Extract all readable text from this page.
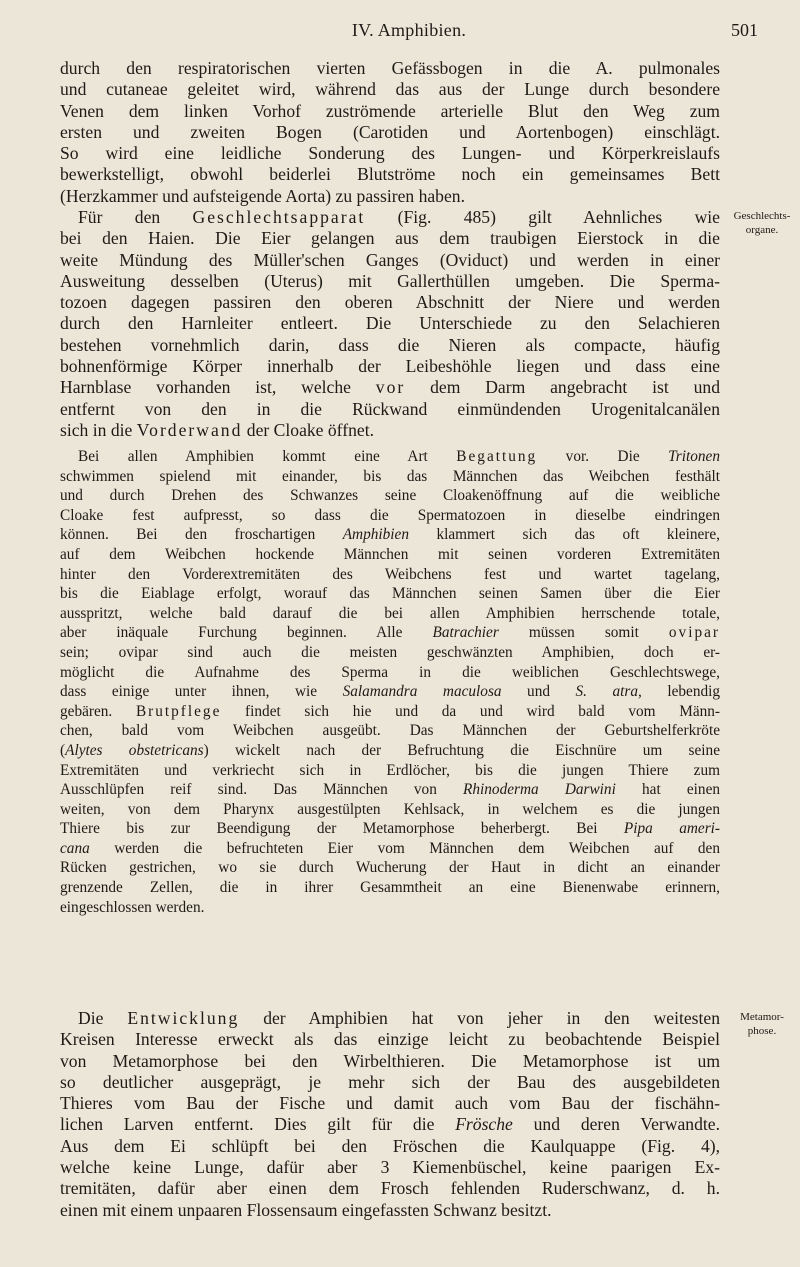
IV. Amphibien.	501
durch den respiratorischen vierten Gefässbogen in die A. pulmonales
und cutaneae geleitet wird, während das aus der Lunge durch besondere
Venen dem linken Vorhof zuströmende arterielle Blut den Weg zum
ersten und zweiten Bogen (Carotiden und Aortenbogen) einschlägt.
So wird eine leidliche Sonderung des Lungen- und Körperkreislaufs
bewerkstelligt, obwohl beiderlei Blutströme noch ein gemeinsames Bett
(Herzkammer und aufsteigende Aorta) zu passiren haben.
Für den Geschlechtsapparat (Fig. 485) gilt Aehnliches wie
bei den Haien. Die Eier gelangen aus dem traubigen Eierstock in die
weite Mündung des Müller'schen Ganges (Oviduct) und werden in einer
Ausweitung desselben (Uterus) mit Gallerthüllen umgeben. Die Sperma-
tozoen dagegen passiren den oberen Abschnitt der Niere und werden
durch den Harnleiter entleert. Die Unterschiede zu den Selachieren
bestehen vornehmlich darin, dass die Nieren als compacte, häufig
bohnenförmige Körper innerhalb der Leibeshöhle liegen und dass eine
Harnblase vorhanden ist, welche vor dem Darm angebracht ist und
entfernt von den in die Rückwand einmündenden Urogenitalcanälen
sich in die Vorderwand der Cloake öffnet.
Bei allen Amphibien kommt eine Art Begattung vor. Die Tritonen
schwimmen spielend mit einander, bis das Männchen das Weibchen festhält
und durch Drehen des Schwanzes seine Cloakenöffnung auf die weibliche
Cloake fest aufpresst, so dass die Spermatozoen in dieselbe eindringen
können. Bei den froschartigen Amphibien klammert sich das oft kleinere,
auf dem Weibchen hockende Männchen mit seinen vorderen Extremitäten
hinter den Vorderextremitäten des Weibchens fest und wartet tagelang,
bis die Eiablage erfolgt, worauf das Männchen seinen Samen über die Eier
ausspritzt, welche bald darauf die bei allen Amphibien herrschende totale,
aber inäquale Furchung beginnen. Alle Batrachier müssen somit ovipar
sein; ovipar sind auch die meisten geschwänzten Amphibien, doch er-
möglicht die Aufnahme des Sperma in die weiblichen Geschlechtswege,
dass einige unter ihnen, wie Salamandra maculosa und S. atra, lebendig
gebären. Brutpflege findet sich hie und da und wird bald vom Männ-
chen, bald vom Weibchen ausgeübt. Das Männchen der Geburtshelferkröte
(Alytes obstetricans) wickelt nach der Befruchtung die Eischnüre um seine
Extremitäten und verkriecht sich in Erdlöcher, bis die jungen Thiere zum
Ausschlüpfen reif sind. Das Männchen von Rhinoderma Darwini hat einen
weiten, von dem Pharynx ausgestülpten Kehlsack, in welchem es die jungen
Thiere bis zur Beendigung der Metamorphose beherbergt. Bei Pipa ameri-
cana werden die befruchteten Eier vom Männchen dem Weibchen auf den
Rücken gestrichen, wo sie durch Wucherung der Haut in dicht an einander
grenzende Zellen, die in ihrer Gesammtheit an eine Bienenwabe erinnern,
eingeschlossen werden.
Die Entwicklung der Amphibien hat von jeher in den weitesten
Kreisen Interesse erweckt als das einzige leicht zu beobachtende Beispiel
von Metamorphose bei den Wirbelthieren. Die Metamorphose ist um
so deutlicher ausgeprägt, je mehr sich der Bau des ausgebildeten
Thieres vom Bau der Fische und damit auch vom Bau der fischähn-
lichen Larven entfernt. Dies gilt für die Frösche und deren Verwandte.
Aus dem Ei schlüpft bei den Fröschen die Kaulquappe (Fig. 4),
welche keine Lunge, dafür aber 3 Kiemenbüschel, keine paarigen Ex-
tremitäten, dafür aber einen dem Frosch fehlenden Ruderschwanz, d. h.
einen mit einem unpaaren Flossensaum eingefassten Schwanz besitzt.
Geschlechts-
organe.
Metamor-
phose.
